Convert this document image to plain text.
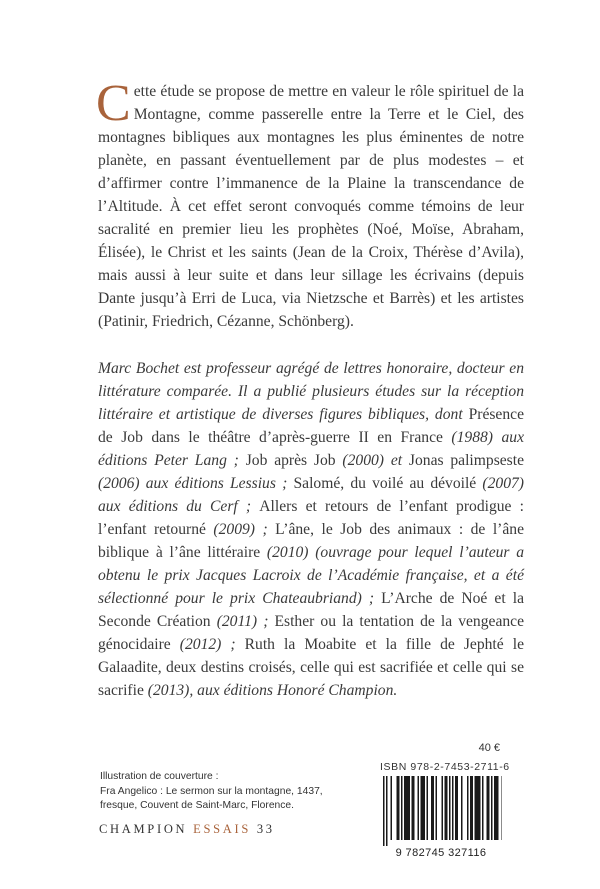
Cette étude se propose de mettre en valeur le rôle spirituel de la Montagne, comme passerelle entre la Terre et le Ciel, des montagnes bibliques aux montagnes les plus éminentes de notre planète, en passant éventuellement par de plus modestes – et d’affirmer contre l’immanence de la Plaine la transcendance de l’Altitude. À cet effet seront convoqués comme témoins de leur sacralité en premier lieu les prophètes (Noé, Moïse, Abraham, Élisée), le Christ et les saints (Jean de la Croix, Thérèse d’Avila), mais aussi à leur suite et dans leur sillage les écrivains (depuis Dante jusqu’à Erri de Luca, via Nietzsche et Barrès) et les artistes (Patinir, Friedrich, Cézanne, Schönberg).

Marc Bochet est professeur agrégé de lettres honoraire, docteur en littérature comparée. Il a publié plusieurs études sur la réception littéraire et artistique de diverses figures bibliques, dont Présence de Job dans le théâtre d’après-guerre II en France (1988) aux éditions Peter Lang ; Job après Job (2000) et Jonas palimpseste (2006) aux éditions Lessius ; Salomé, du voilé au dévoilé (2007) aux éditions du Cerf ; Allers et retours de l’enfant prodigue : l’enfant retourné (2009) ; L’âne, le Job des animaux : de l’âne biblique à l’âne littéraire (2010) (ouvrage pour lequel l’auteur a obtenu le prix Jacques Lacroix de l’Académie française, et a été sélectionné pour le prix Chateaubriand) ; L’Arche de Noé et la Seconde Création (2011) ; Esther ou la tentation de la vengeance génocidaire (2012) ; Ruth la Moabite et la fille de Jephté le Galaadite, deux destins croisés, celle qui est sacrifiée et celle qui se sacrifie (2013), aux éditions Honoré Champion.

40 €
ISBN 978-2-7453-2711-6
9 782745 327116
Illustration de couverture :
Fra Angelico : Le sermon sur la montagne, 1437,
fresque, Couvent de Saint-Marc, Florence.
CHAMPION ESSAIS 33
